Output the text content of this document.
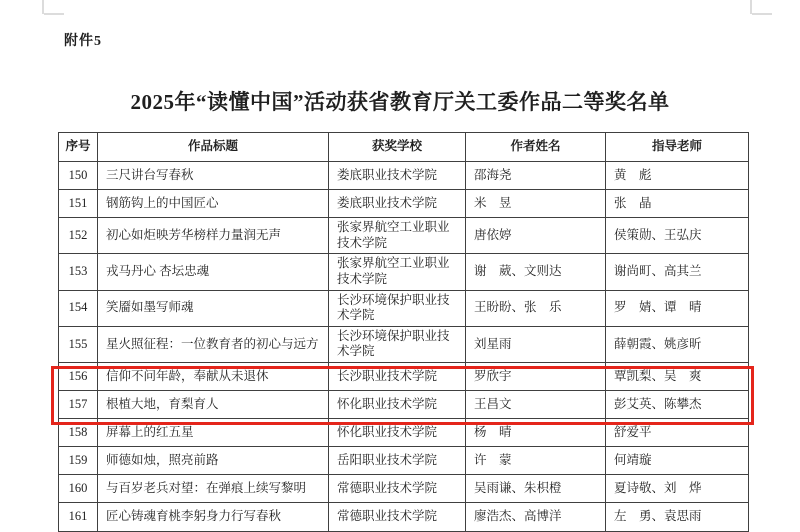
附件5
2025年“读懂中国”活动获省教育厅关工委作品二等奖名单
序号	作品标题	获奖学校	作者姓名	指导老师
150	三尺讲台写春秋	娄底职业技术学院	邵海尧	黄　彪
151	钢筋钩上的中国匠心	娄底职业技术学院	米　昱	张　晶
152	初心如炬映芳华榜样力量润无声	张家界航空工业职业技术学院	唐依婷	侯策勋、王弘庆
153	戎马丹心 杏坛忠魂	张家界航空工业职业技术学院	谢　葳、文则达	谢尚町、高其兰
154	笑靥如墨写师魂	长沙环境保护职业技术学院	王盼盼、张　乐	罗　婧、谭　晴
155	星火照征程：一位教育者的初心与远方	长沙环境保护职业技术学院	刘星雨	薛朝霞、姚彦昕
156	信仰不问年龄，奉献从未退休	长沙职业技术学院	罗欣宇	覃凯梨、吴　爽
157	根植大地，育梨育人	怀化职业技术学院	王昌文	彭艾英、陈攀杰
158	屏幕上的红五星	怀化职业技术学院	杨　晴	舒爱平
159	师德如烛，照亮前路	岳阳职业技术学院	许　蒙	何靖璇
160	与百岁老兵对望：在弹痕上续写黎明	常德职业技术学院	吴雨谦、朱枳橙	夏诗敬、刘　烨
161	匠心铸魂育桃李躬身力行写春秋	常德职业技术学院	廖浩杰、高博洋	左　勇、袁思雨
